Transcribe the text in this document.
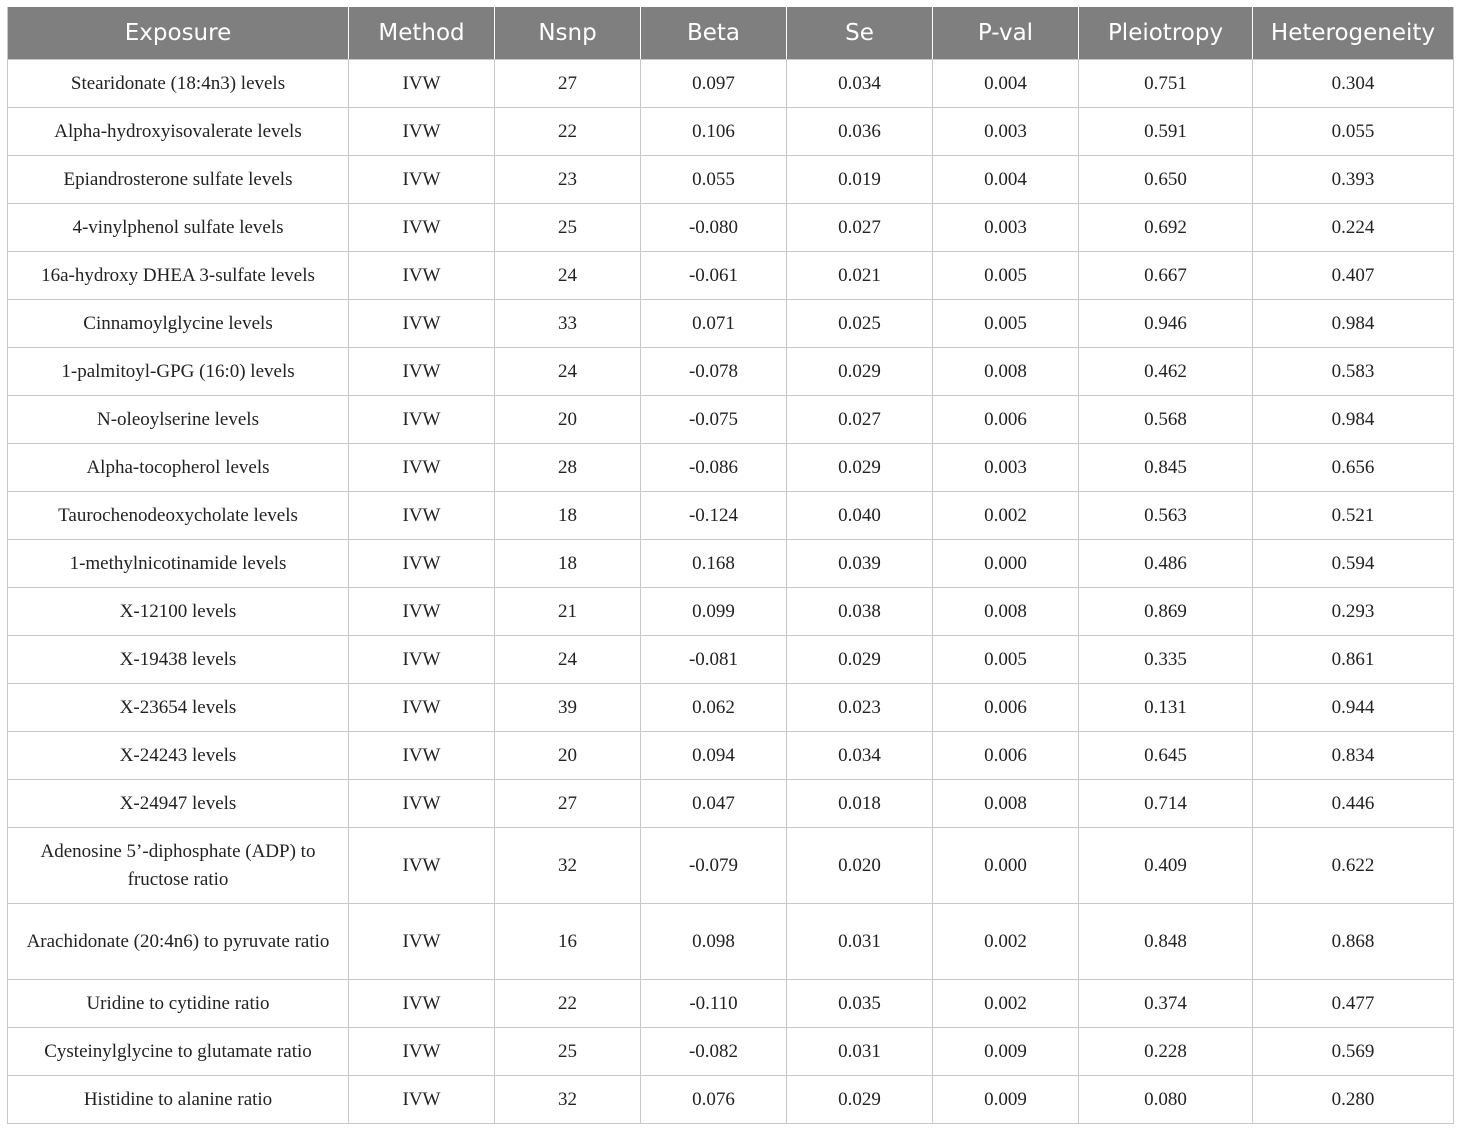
Exposure	Method	Nsnp	Beta	Se	P-val	Pleiotropy	Heterogeneity
Stearidonate (18:4n3) levels	IVW	27	0.097	0.034	0.004	0.751	0.304
Alpha-hydroxyisovalerate levels	IVW	22	0.106	0.036	0.003	0.591	0.055
Epiandrosterone sulfate levels	IVW	23	0.055	0.019	0.004	0.650	0.393
4-vinylphenol sulfate levels	IVW	25	-0.080	0.027	0.003	0.692	0.224
16a-hydroxy DHEA 3-sulfate levels	IVW	24	-0.061	0.021	0.005	0.667	0.407
Cinnamoylglycine levels	IVW	33	0.071	0.025	0.005	0.946	0.984
1-palmitoyl-GPG (16:0) levels	IVW	24	-0.078	0.029	0.008	0.462	0.583
N-oleoylserine levels	IVW	20	-0.075	0.027	0.006	0.568	0.984
Alpha-tocopherol levels	IVW	28	-0.086	0.029	0.003	0.845	0.656
Taurochenodeoxycholate levels	IVW	18	-0.124	0.040	0.002	0.563	0.521
1-methylnicotinamide levels	IVW	18	0.168	0.039	0.000	0.486	0.594
X-12100 levels	IVW	21	0.099	0.038	0.008	0.869	0.293
X-19438 levels	IVW	24	-0.081	0.029	0.005	0.335	0.861
X-23654 levels	IVW	39	0.062	0.023	0.006	0.131	0.944
X-24243 levels	IVW	20	0.094	0.034	0.006	0.645	0.834
X-24947 levels	IVW	27	0.047	0.018	0.008	0.714	0.446
Adenosine 5’-diphosphate (ADP) to fructose ratio	IVW	32	-0.079	0.020	0.000	0.409	0.622
Arachidonate (20:4n6) to pyruvate ratio	IVW	16	0.098	0.031	0.002	0.848	0.868
Uridine to cytidine ratio	IVW	22	-0.110	0.035	0.002	0.374	0.477
Cysteinylglycine to glutamate ratio	IVW	25	-0.082	0.031	0.009	0.228	0.569
Histidine to alanine ratio	IVW	32	0.076	0.029	0.009	0.080	0.280
